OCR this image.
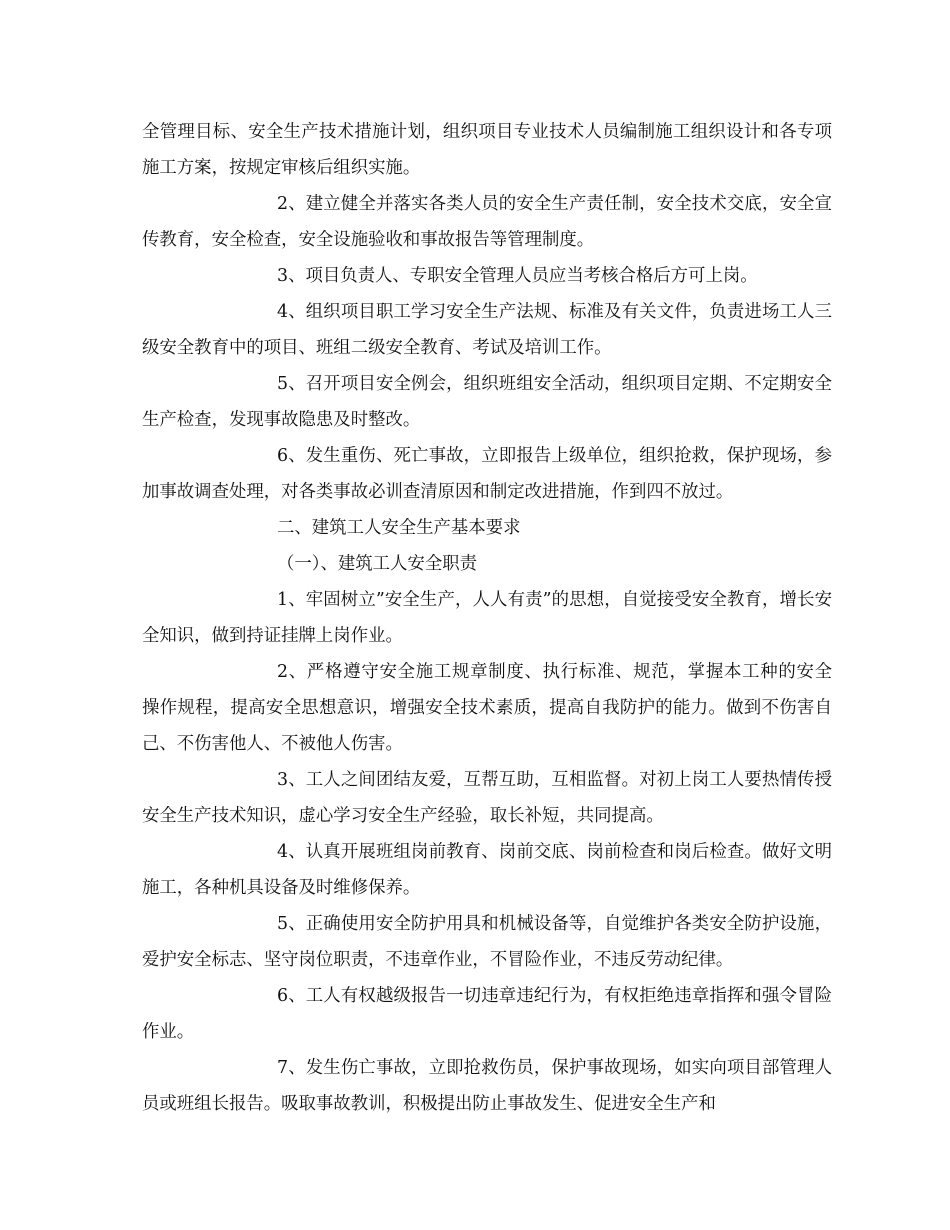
全管理目标、安全生产技术措施计划，组织项目专业技术人员编制施工组织设计和各专项施工方案，按规定审核后组织实施。

2、建立健全并落实各类人员的安全生产责任制，安全技术交底，安全宣传教育，安全检查，安全设施验收和事故报告等管理制度。

3、项目负责人、专职安全管理人员应当考核合格后方可上岗。

4、组织项目职工学习安全生产法规、标准及有关文件，负责进场工人三级安全教育中的项目、班组二级安全教育、考试及培训工作。

5、召开项目安全例会，组织班组安全活动，组织项目定期、不定期安全生产检查，发现事故隐患及时整改。

6、发生重伤、死亡事故，立即报告上级单位，组织抢救，保护现场，参加事故调查处理，对各类事故必训查清原因和制定改进措施，作到四不放过。

二、建筑工人安全生产基本要求

（一）、建筑工人安全职责

1、牢固树立”安全生产，人人有责”的思想，自觉接受安全教育，增长安全知识，做到持证挂牌上岗作业。

2、严格遵守安全施工规章制度、执行标准、规范，掌握本工种的安全　操作规程，提高安全思想意识，增强安全技术素质，提高自我防护的能力。做到不伤害自己、不伤害他人、不被他人伤害。

3、工人之间团结友爱，互帮互助，互相监督。对初上岗工人要热情传授安全生产技术知识，虚心学习安全生产经验，取长补短，共同提高。

4、认真开展班组岗前教育、岗前交底、岗前检查和岗后检查。做好文明施工，各种机具设备及时维修保养。

5、正确使用安全防护用具和机械设备等，自觉维护各类安全防护设施，爱护安全标志、坚守岗位职责，不违章作业，不冒险作业，不违反劳动纪律。

6、工人有权越级报告一切违章违纪行为，有权拒绝违章指挥和强令冒险作业。

7、发生伤亡事故，立即抢救伤员，保护事故现场，如实向项目部管理人员或班组长报告。吸取事故教训，积极提出防止事故发生、促进安全生产和
